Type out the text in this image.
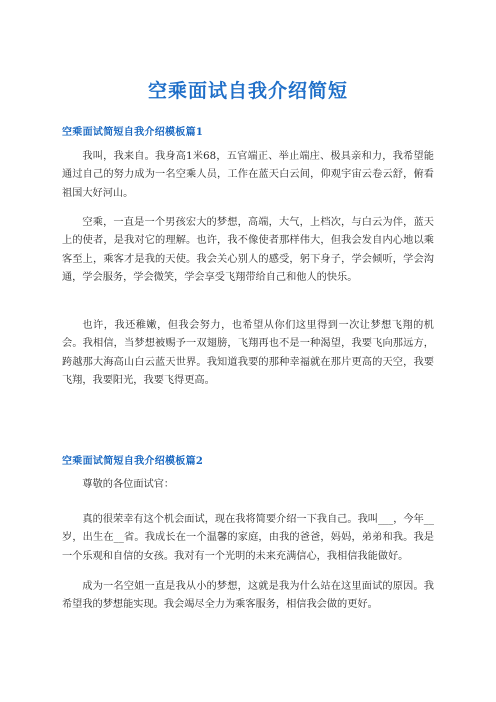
空乘面试自我介绍简短
空乘面试简短自我介绍模板篇1
我叫，我来自。我身高1米68，五官端正、举止端庄、极具亲和力，我希望能通过自己的努力成为一名空乘人员，工作在蓝天白云间，仰观宇宙云卷云舒，俯看祖国大好河山。
空乘，一直是一个男孩宏大的梦想，高端，大气，上档次，与白云为伴，蓝天上的使者，是我对它的理解。也许，我不像使者那样伟大，但我会发自内心地以乘客至上，乘客才是我的天使。我会关心别人的感受，躬下身子，学会倾听，学会沟通，学会服务，学会微笑，学会享受飞翔带给自己和他人的快乐。
也许，我还稚嫩，但我会努力，也希望从你们这里得到一次让梦想飞翔的机会。我相信，当梦想被赐予一双翅膀，飞翔再也不是一种渴望，我要飞向那远方，跨越那大海高山白云蓝天世界。我知道我要的那种幸福就在那片更高的天空，我要飞翔，我要阳光，我要飞得更高。
空乘面试简短自我介绍模板篇2
尊敬的各位面试官：
真的很荣幸有这个机会面试，现在我将简要介绍一下我自己。我叫___，今年__岁，出生在__省。我成长在一个温馨的家庭，由我的爸爸，妈妈，弟弟和我。我是一个乐观和自信的女孩。我对有一个光明的未来充满信心，我相信我能做好。
成为一名空姐一直是我从小的梦想，这就是我为什么站在这里面试的原因。我希望我的梦想能实现。我会竭尽全力为乘客服务，相信我会做的更好。
